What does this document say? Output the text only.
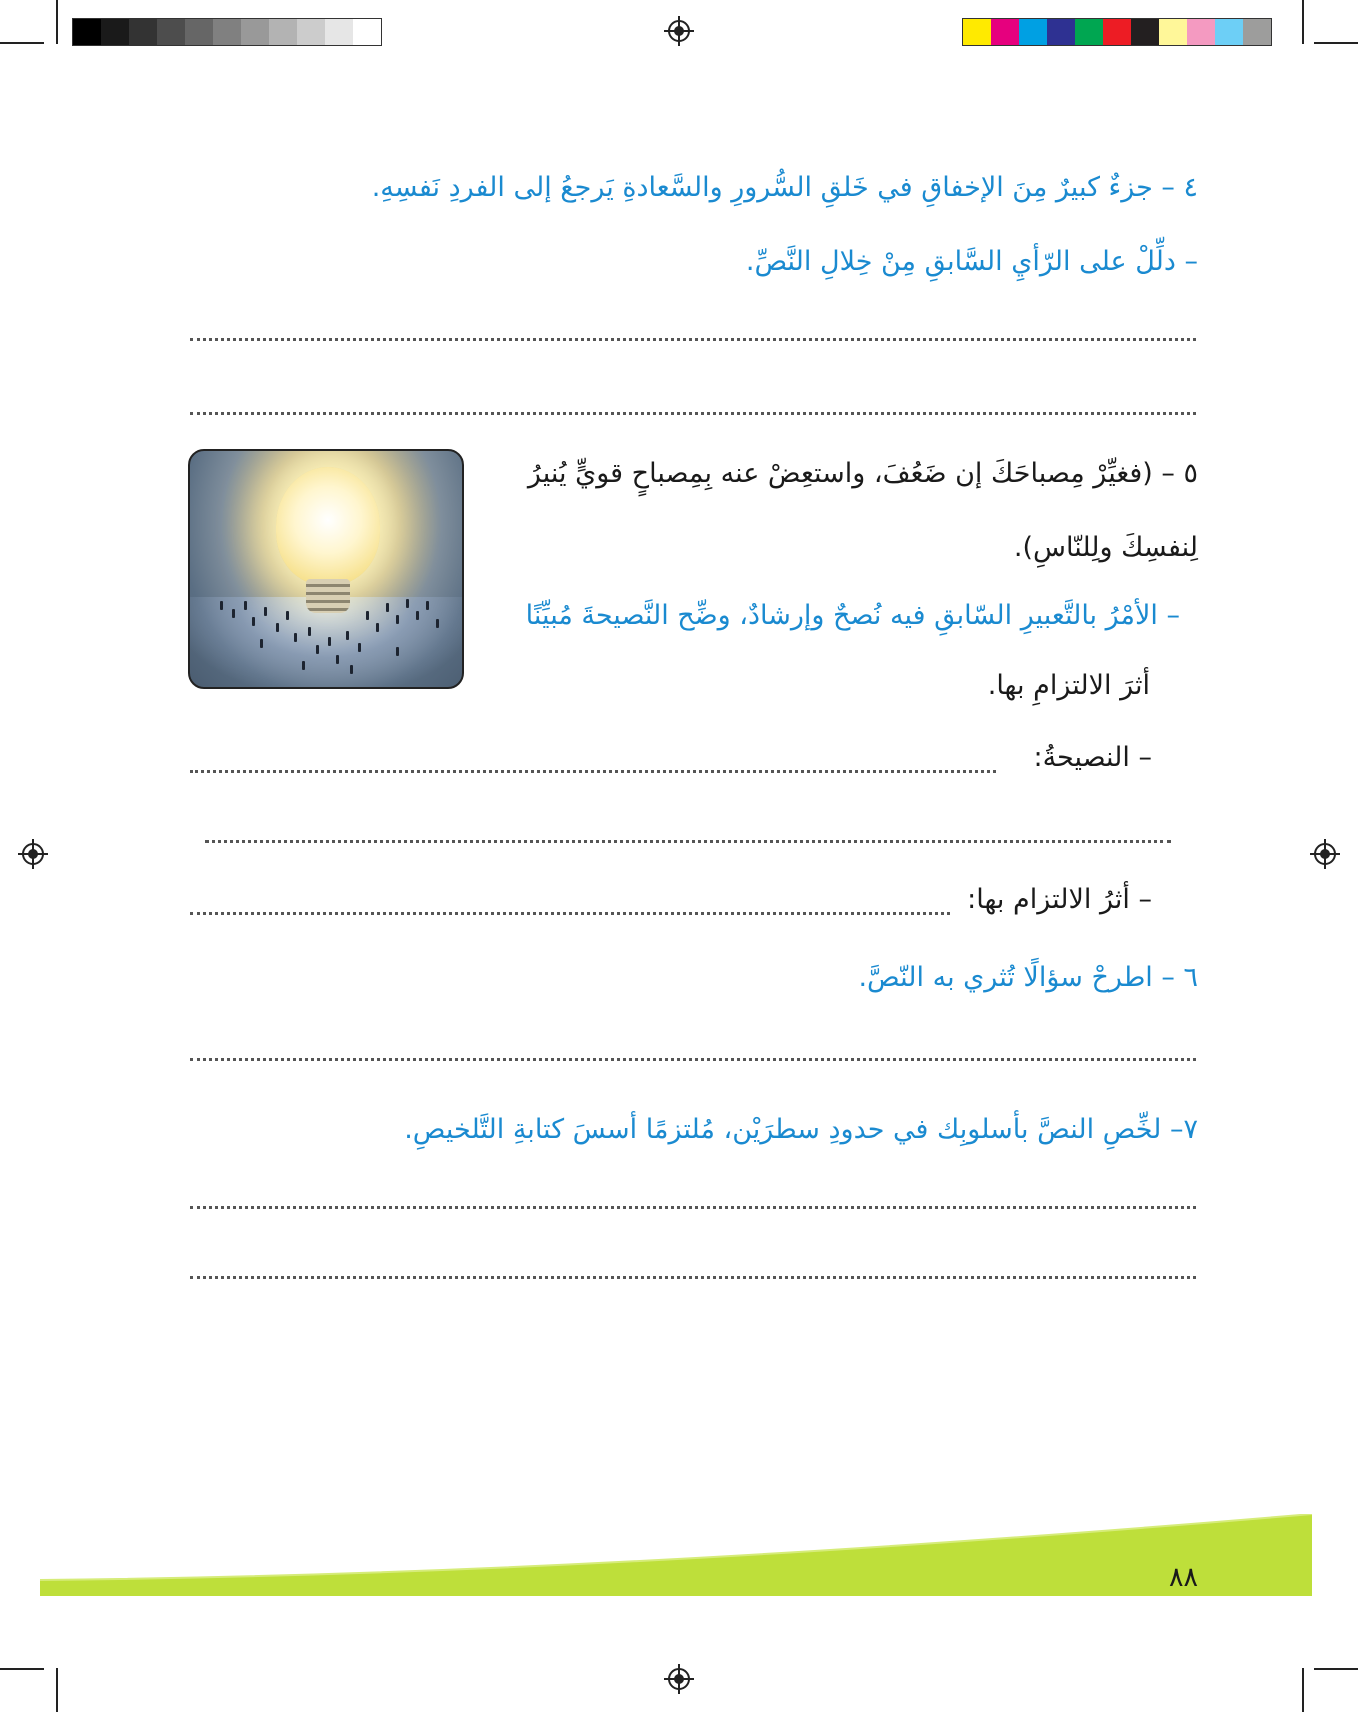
٤ – جزءٌ كبيرٌ مِنَ الإخفاقِ في خَلقِ السُّرورِ والسَّعادةِ يَرجعُ إلى الفردِ نَفسِهِ.
– دلِّلْ على الرّأيِ السَّابقِ مِنْ خِلالِ النَّصِّ.
٥ – (فغيِّرْ مِصباحَكَ إن ضَعُفَ، واستعِضْ عنه بِمِصباحٍ قويٍّ يُنيرُ
لِنفسِكَ ولِلنّاسِ).
– الأمْرُ بالتَّعبيرِ السّابقِ فيه نُصحٌ وإرشادٌ، وضِّح النَّصيحةَ مُبيِّنًا
أثرَ الالتزامِ بها.
– النصيحةُ:
– أثرُ الالتزام بها:
٦ – اطرحْ سؤالًا تُثري به النّصَّ.
٧– لخِّصِ النصَّ بأسلوبِك في حدودِ سطرَيْن، مُلتزمًا أسسَ كتابةِ التَّلخيصِ.
٨٨
